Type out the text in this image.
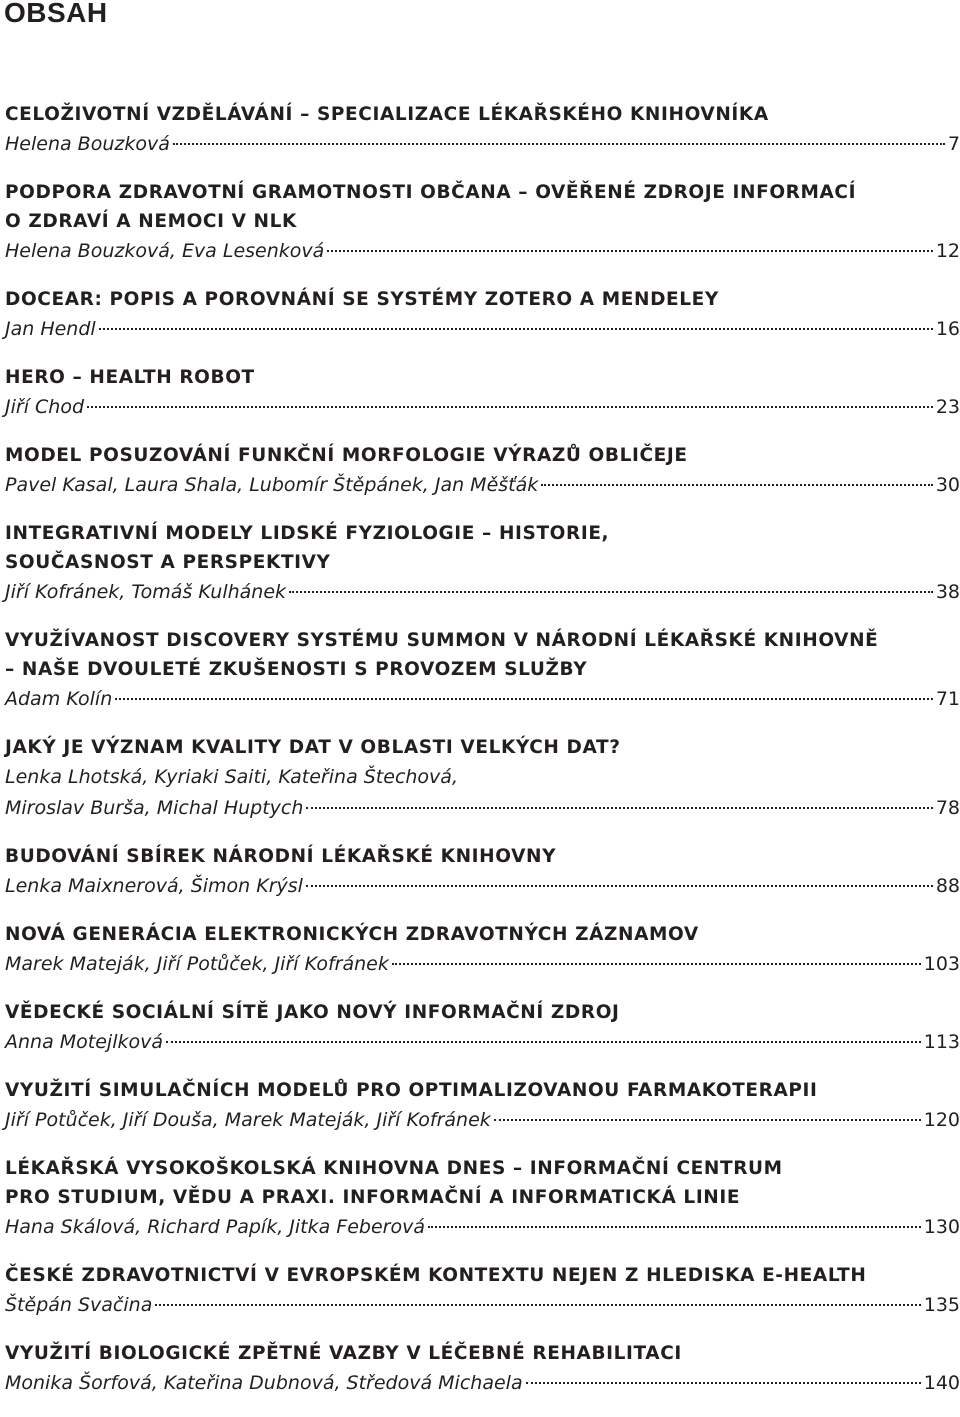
OBSAH
CELOŽIVOTNÍ VZDĚLÁVÁNÍ – SPECIALIZACE LÉKAŘSKÉHO KNIHOVNÍKA
Helena Bouzková	7
PODPORA ZDRAVOTNÍ GRAMOTNOSTI OBČANA – OVĚŘENÉ ZDROJE INFORMACÍ
O ZDRAVÍ A NEMOCI V NLK
Helena Bouzková, Eva Lesenková	12
DOCEAR: POPIS A POROVNÁNÍ SE SYSTÉMY ZOTERO A MENDELEY
Jan Hendl	16
HERO – HEALTH ROBOT
Jiří Chod	23
MODEL POSUZOVÁNÍ FUNKČNÍ MORFOLOGIE VÝRAZŮ OBLIČEJE
Pavel Kasal, Laura Shala, Lubomír Štěpánek, Jan Měšťák	30
INTEGRATIVNÍ MODELY LIDSKÉ FYZIOLOGIE – HISTORIE,
SOUČASNOST A PERSPEKTIVY
Jiří Kofránek, Tomáš Kulhánek	38
VYUŽÍVANOST DISCOVERY SYSTÉMU SUMMON V NÁRODNÍ LÉKAŘSKÉ KNIHOVNĚ
– NAŠE DVOULETÉ ZKUŠENOSTI S PROVOZEM SLUŽBY
Adam Kolín	71
JAKÝ JE VÝZNAM KVALITY DAT V OBLASTI VELKÝCH DAT?
Lenka Lhotská, Kyriaki Saiti, Kateřina Štechová,
Miroslav Burša, Michal Huptych	78
BUDOVÁNÍ SBÍREK NÁRODNÍ LÉKAŘSKÉ KNIHOVNY
Lenka Maixnerová, Šimon Krýsl	88
NOVÁ GENERÁCIA ELEKTRONICKÝCH ZDRAVOTNÝCH ZÁZNAMOV
Marek Mateják, Jiří Potůček, Jiří Kofránek	103
VĚDECKÉ SOCIÁLNÍ SÍTĚ JAKO NOVÝ INFORMAČNÍ ZDROJ
Anna Motejlková	113
VYUŽITÍ SIMULAČNÍCH MODELŮ PRO OPTIMALIZOVANOU FARMAKOTERAPII
Jiří Potůček, Jiří Douša, Marek Mateják, Jiří Kofránek	120
LÉKAŘSKÁ VYSOKOŠKOLSKÁ KNIHOVNA DNES – INFORMAČNÍ CENTRUM
PRO STUDIUM, VĚDU A PRAXI. INFORMAČNÍ A INFORMATICKÁ LINIE
Hana Skálová, Richard Papík, Jitka Feberová	130
ČESKÉ ZDRAVOTNICTVÍ V EVROPSKÉM KONTEXTU NEJEN Z HLEDISKA E-HEALTH
Štěpán Svačina	135
VYUŽITÍ BIOLOGICKÉ ZPĚTNÉ VAZBY V LÉČEBNÉ REHABILITACI
Monika Šorfová, Kateřina Dubnová, Středová Michaela	140
